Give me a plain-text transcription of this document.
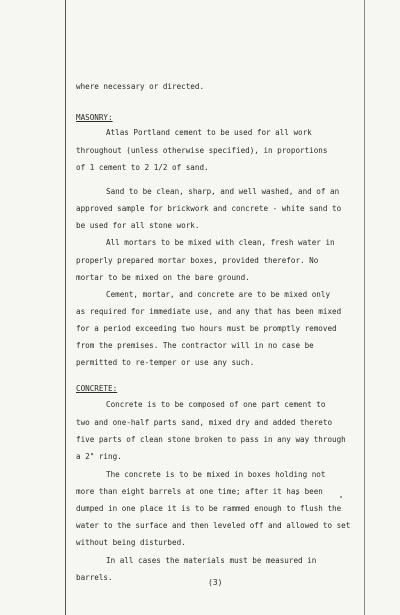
where necessary or directed.
MASONRY:
Atlas Portland cement to be used for all work
throughout (unless otherwise specified), in proportions
of 1 cement to 2 1/2 of sand.
Sand to be clean, sharp, and well washed, and of an
approved sample for brickwork and concrete - white sand to
be used for all stone work.
All mortars to be mixed with clean, fresh water in
properly prepared mortar boxes, provided therefor. No
mortar to be mixed on the bare ground.
Cement, mortar, and concrete are to be mixed only
as required for immediate use, and any that has been mixed
for a period exceeding two hours must be promptly removed
from the premises. The contractor will in no case be
permitted to re-temper or use any such.
CONCRETE:
Concrete is to be composed of one part cement to
two and one-half parts sand, mixed dry and added thereto
five parts of clean stone broken to pass in any way through
a 2" ring.
The concrete is to be mixed in boxes holding not
more than eight barrels at one time; after it has been
dumped in one place it is to be rammed enough to flush the
water to the surface and then leveled off and allowed to set
without being disturbed.
In all cases the materials must be measured in
barrels.
(3)
